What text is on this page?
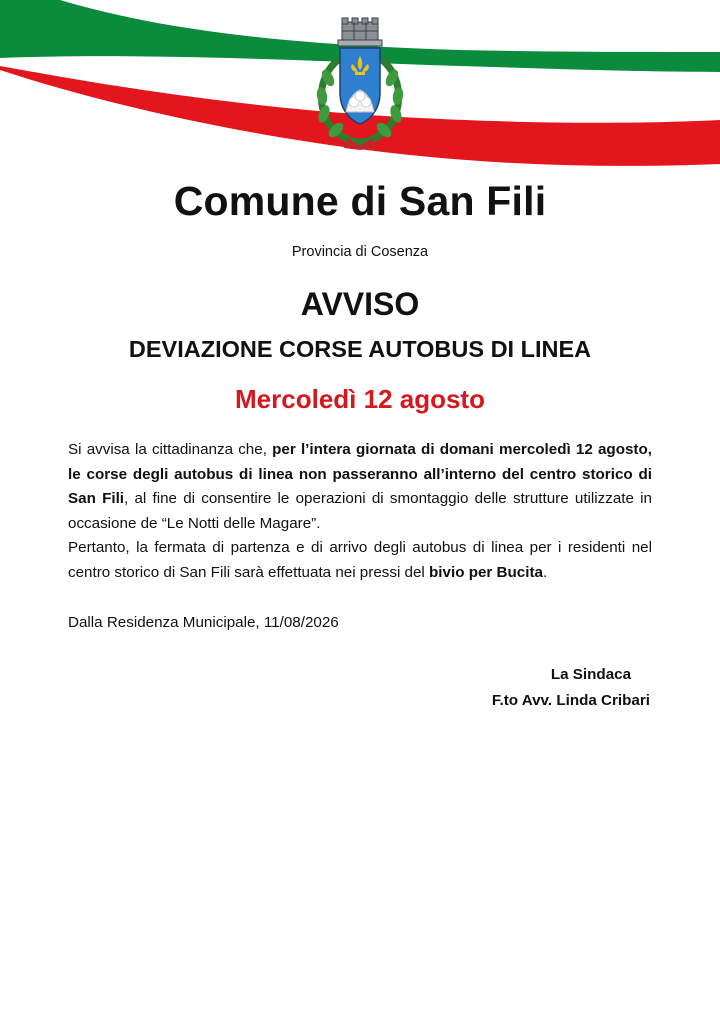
Comune di San Fili
Provincia di Cosenza
AVVISO
DEVIAZIONE CORSE AUTOBUS DI LINEA
Mercoledì 12 agosto

Si avvisa la cittadinanza che, per l’intera giornata di domani mercoledì 12 agosto, le corse degli autobus di linea non passeranno all’interno del centro storico di San Fili, al fine di consentire le operazioni di smontaggio delle strutture utilizzate in occasione de “Le Notti delle Magare”.

Pertanto, la fermata di partenza e di arrivo degli autobus di linea per i residenti nel centro storico di San Fili sarà effettuata nei pressi del bivio per Bucita.

Dalla Residenza Municipale, 11/08/2026
La Sindaca
F.to Avv. Linda Cribari
